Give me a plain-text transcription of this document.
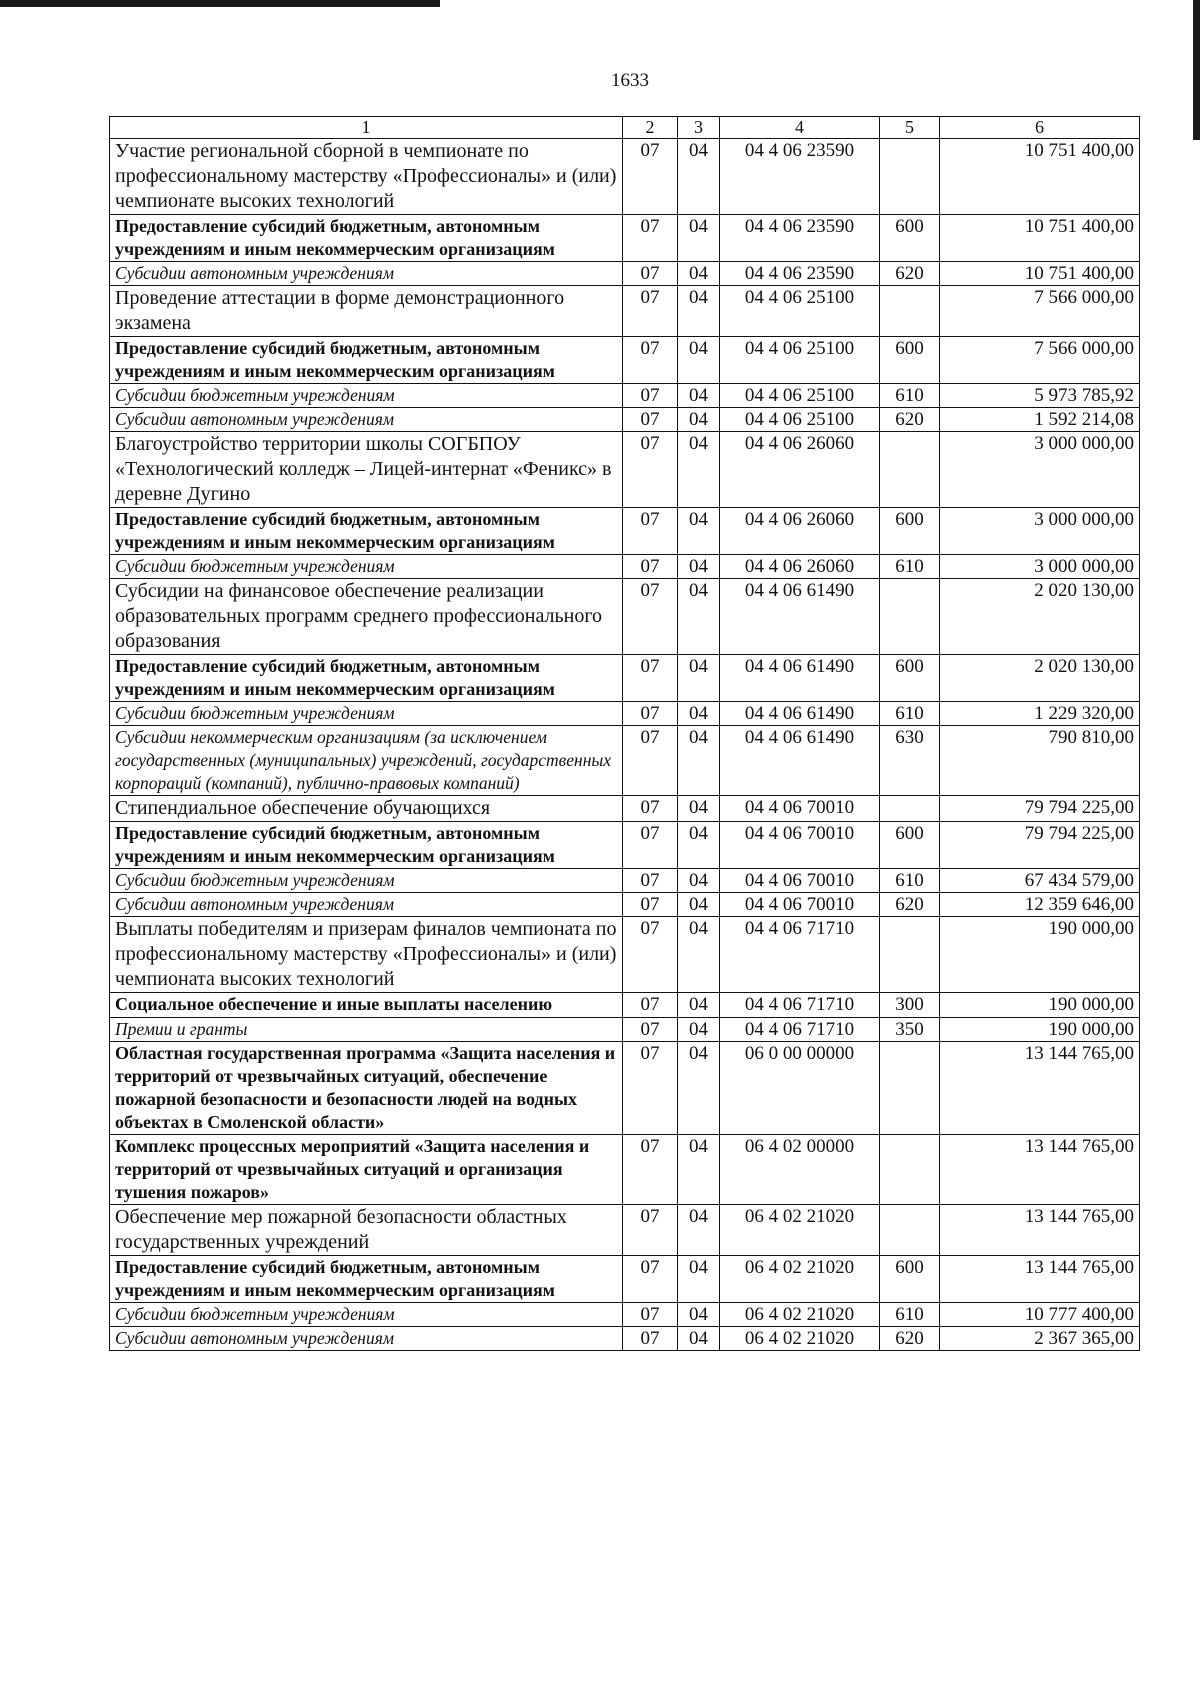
1633
1	2	3	4	5	6
Участие региональной сборной в чемпионате по профессиональному мастерству «Профессионалы» и (или) чемпионате высоких технологий	07	04	04 4 06 23590		10 751 400,00
Предоставление субсидий бюджетным, автономным учреждениям и иным некоммерческим организациям	07	04	04 4 06 23590	600	10 751 400,00
Субсидии автономным учреждениям	07	04	04 4 06 23590	620	10 751 400,00
Проведение аттестации в форме демонстрационного экзамена	07	04	04 4 06 25100		7 566 000,00
Предоставление субсидий бюджетным, автономным учреждениям и иным некоммерческим организациям	07	04	04 4 06 25100	600	7 566 000,00
Субсидии бюджетным учреждениям	07	04	04 4 06 25100	610	5 973 785,92
Субсидии автономным учреждениям	07	04	04 4 06 25100	620	1 592 214,08
Благоустройство территории школы СОГБПОУ «Технологический колледж – Лицей-интернат «Феникс» в деревне Дугино	07	04	04 4 06 26060		3 000 000,00
Предоставление субсидий бюджетным, автономным учреждениям и иным некоммерческим организациям	07	04	04 4 06 26060	600	3 000 000,00
Субсидии бюджетным учреждениям	07	04	04 4 06 26060	610	3 000 000,00
Субсидии на финансовое обеспечение реализации образовательных программ среднего профессионального образования	07	04	04 4 06 61490		2 020 130,00
Предоставление субсидий бюджетным, автономным учреждениям и иным некоммерческим организациям	07	04	04 4 06 61490	600	2 020 130,00
Субсидии бюджетным учреждениям	07	04	04 4 06 61490	610	1 229 320,00
Субсидии некоммерческим организациям (за исключением государственных (муниципальных) учреждений, государственных корпораций (компаний), публично-правовых компаний)	07	04	04 4 06 61490	630	790 810,00
Стипендиальное обеспечение обучающихся	07	04	04 4 06 70010		79 794 225,00
Предоставление субсидий бюджетным, автономным учреждениям и иным некоммерческим организациям	07	04	04 4 06 70010	600	79 794 225,00
Субсидии бюджетным учреждениям	07	04	04 4 06 70010	610	67 434 579,00
Субсидии автономным учреждениям	07	04	04 4 06 70010	620	12 359 646,00
Выплаты победителям и призерам финалов чемпионата по профессиональному мастерству «Профессионалы» и (или) чемпионата высоких технологий	07	04	04 4 06 71710		190 000,00
Социальное обеспечение и иные выплаты населению	07	04	04 4 06 71710	300	190 000,00
Премии и гранты	07	04	04 4 06 71710	350	190 000,00
Областная государственная программа «Защита населения и территорий от чрезвычайных ситуаций, обеспечение пожарной безопасности и безопасности людей на водных объектах в Смоленской области»	07	04	06 0 00 00000		13 144 765,00
Комплекс процессных мероприятий «Защита населения и территорий от чрезвычайных ситуаций и организация тушения пожаров»	07	04	06 4 02 00000		13 144 765,00
Обеспечение мер пожарной безопасности областных государственных учреждений	07	04	06 4 02 21020		13 144 765,00
Предоставление субсидий бюджетным, автономным учреждениям и иным некоммерческим организациям	07	04	06 4 02 21020	600	13 144 765,00
Субсидии бюджетным учреждениям	07	04	06 4 02 21020	610	10 777 400,00
Субсидии автономным учреждениям	07	04	06 4 02 21020	620	2 367 365,00
